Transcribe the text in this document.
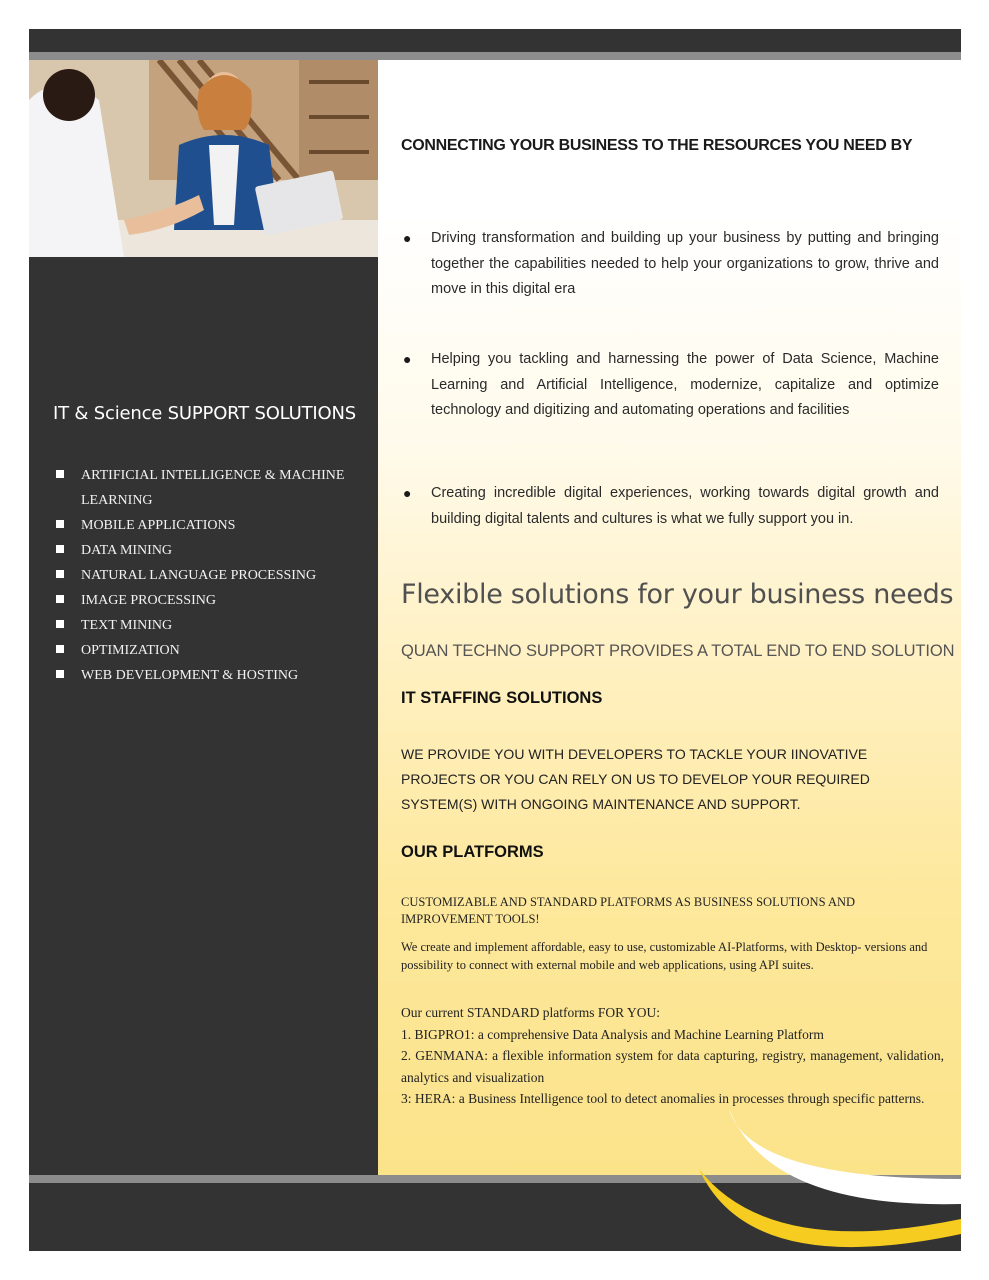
IT & Science SUPPORT SOLUTIONS
ARTIFICIAL INTELLIGENCE & MACHINE LEARNING
MOBILE APPLICATIONS
DATA MINING
NATURAL LANGUAGE PROCESSING
IMAGE PROCESSING
TEXT MINING
OPTIMIZATION
WEB DEVELOPMENT & HOSTING
CONNECTING YOUR BUSINESS TO THE RESOURCES YOU NEED BY
● Driving transformation and building up your business by putting and bringing together the capabilities needed to help your organizations to grow, thrive and move in this digital era
● Helping you tackling and harnessing the power of Data Science, Machine Learning and Artificial Intelligence, modernize, capitalize and optimize technology and digitizing and automating operations and facilities
● Creating incredible digital experiences, working towards digital growth and building digital talents and cultures is what we fully support you in.
Flexible solutions for your business needs
QUAN TECHNO SUPPORT PROVIDES A TOTAL END TO END SOLUTION
IT STAFFING SOLUTIONS
WE PROVIDE YOU WITH DEVELOPERS TO TACKLE YOUR IINOVATIVE PROJECTS OR YOU CAN RELY ON US TO DEVELOP YOUR REQUIRED SYSTEM(S) WITH ONGOING MAINTENANCE AND SUPPORT.
OUR PLATFORMS
CUSTOMIZABLE AND STANDARD PLATFORMS AS BUSINESS SOLUTIONS AND IMPROVEMENT TOOLS!
We create and implement affordable, easy to use, customizable AI-Platforms, with Desktop- versions and possibility to connect with external mobile and web applications, using API suites.
Our current STANDARD platforms FOR YOU:
1. BIGPRO1: a comprehensive Data Analysis and Machine Learning Platform
2. GENMANA: a flexible information system for data capturing, registry, management, validation, analytics and visualization
3: HERA: a Business Intelligence tool to detect anomalies in processes through specific patterns.
